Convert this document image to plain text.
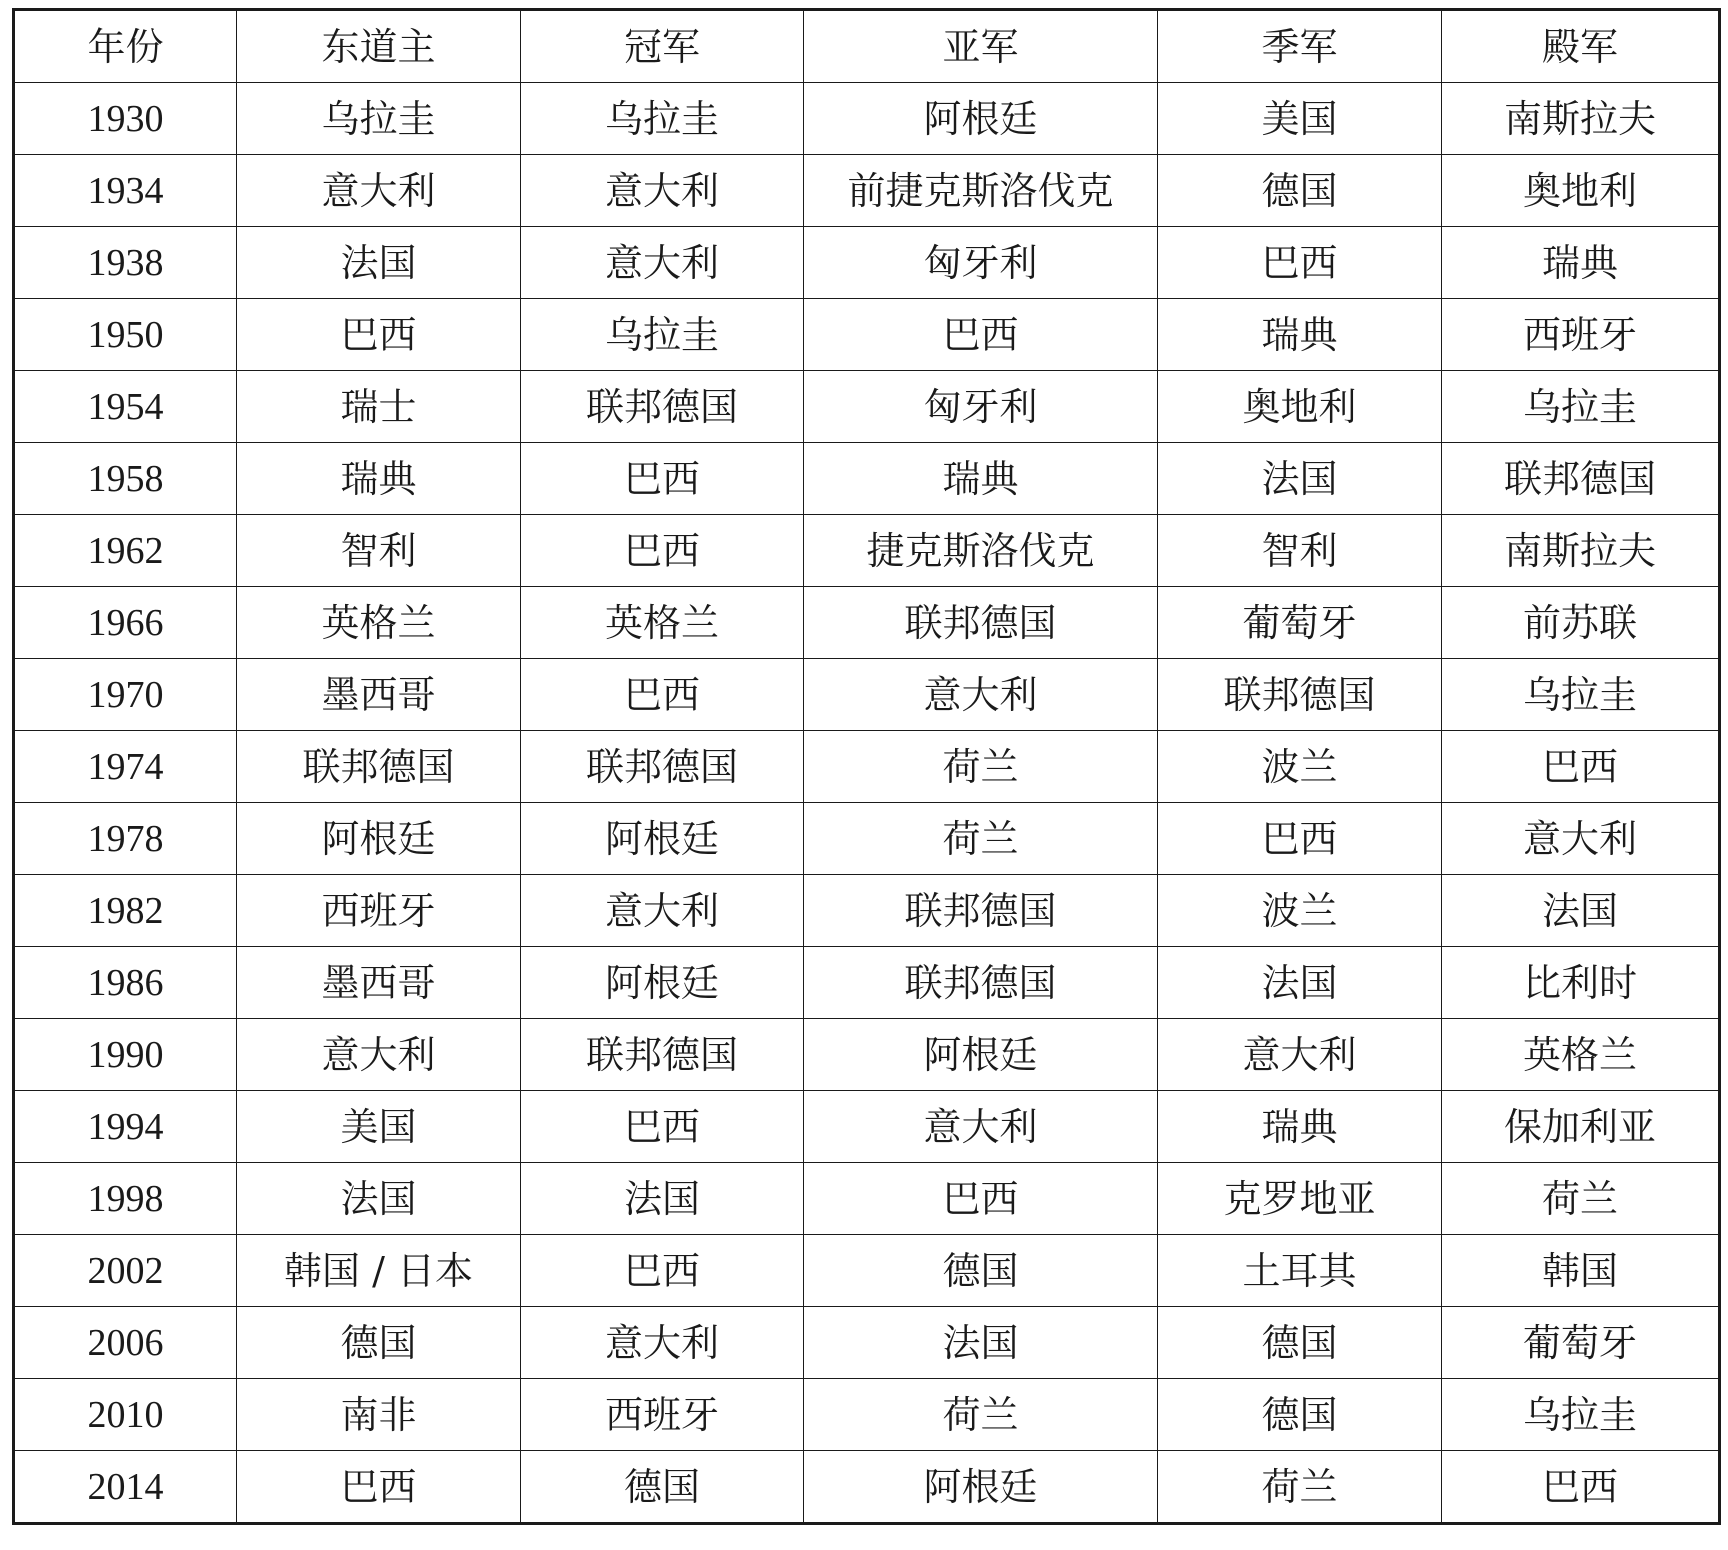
年份	东道主	冠军	亚军	季军	殿军
1930	乌拉圭	乌拉圭	阿根廷	美国	南斯拉夫
1934	意大利	意大利	前捷克斯洛伐克	德国	奥地利
1938	法国	意大利	匈牙利	巴西	瑞典
1950	巴西	乌拉圭	巴西	瑞典	西班牙
1954	瑞士	联邦德国	匈牙利	奥地利	乌拉圭
1958	瑞典	巴西	瑞典	法国	联邦德国
1962	智利	巴西	捷克斯洛伐克	智利	南斯拉夫
1966	英格兰	英格兰	联邦德国	葡萄牙	前苏联
1970	墨西哥	巴西	意大利	联邦德国	乌拉圭
1974	联邦德国	联邦德国	荷兰	波兰	巴西
1978	阿根廷	阿根廷	荷兰	巴西	意大利
1982	西班牙	意大利	联邦德国	波兰	法国
1986	墨西哥	阿根廷	联邦德国	法国	比利时
1990	意大利	联邦德国	阿根廷	意大利	英格兰
1994	美国	巴西	意大利	瑞典	保加利亚
1998	法国	法国	巴西	克罗地亚	荷兰
2002	韩国 / 日本	巴西	德国	土耳其	韩国
2006	德国	意大利	法国	德国	葡萄牙
2010	南非	西班牙	荷兰	德国	乌拉圭
2014	巴西	德国	阿根廷	荷兰	巴西
